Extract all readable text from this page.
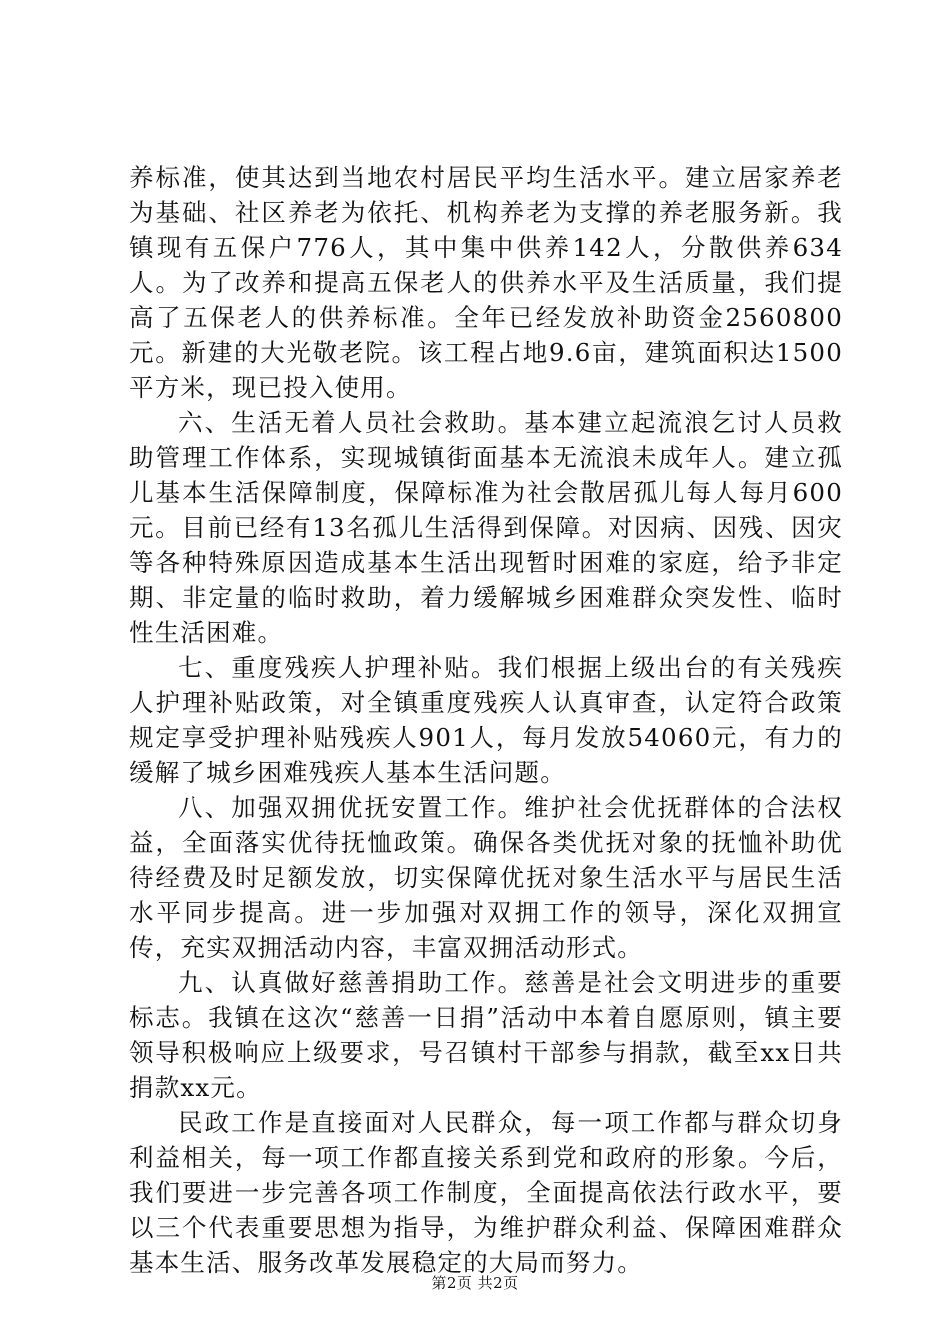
养标准，使其达到当地农村居民平均生活水平。建立居家养老为基础、社区养老为依托、机构养老为支撑的养老服务新。我镇现有五保户776人，其中集中供养142人，分散供养634人。为了改养和提高五保老人的供养水平及生活质量，我们提高了五保老人的供养标准。全年已经发放补助资金2560800元。新建的大光敬老院。该工程占地9.6亩，建筑面积达1500平方米，现已投入使用。

六、生活无着人员社会救助。基本建立起流浪乞讨人员救助管理工作体系，实现城镇街面基本无流浪未成年人。建立孤儿基本生活保障制度，保障标准为社会散居孤儿每人每月600元。目前已经有13名孤儿生活得到保障。对因病、因残、因灾等各种特殊原因造成基本生活出现暂时困难的家庭，给予非定期、非定量的临时救助，着力缓解城乡困难群众突发性、临时性生活困难。

七、重度残疾人护理补贴。我们根据上级出台的有关残疾人护理补贴政策，对全镇重度残疾人认真审查，认定符合政策规定享受护理补贴残疾人901人，每月发放54060元，有力的缓解了城乡困难残疾人基本生活问题。

八、加强双拥优抚安置工作。维护社会优抚群体的合法权益，全面落实优待抚恤政策。确保各类优抚对象的抚恤补助优待经费及时足额发放，切实保障优抚对象生活水平与居民生活水平同步提高。进一步加强对双拥工作的领导，深化双拥宣传，充实双拥活动内容，丰富双拥活动形式。

九、认真做好慈善捐助工作。慈善是社会文明进步的重要标志。我镇在这次“慈善一日捐”活动中本着自愿原则，镇主要领导积极响应上级要求，号召镇村干部参与捐款，截至xx日共捐款xx元。

民政工作是直接面对人民群众，每一项工作都与群众切身利益相关，每一项工作都直接关系到党和政府的形象。今后，我们要进一步完善各项工作制度，全面提高依法行政水平，要以三个代表重要思想为指导，为维护群众利益、保障困难群众基本生活、服务改革发展稳定的大局而努力。

第2页 共2页
